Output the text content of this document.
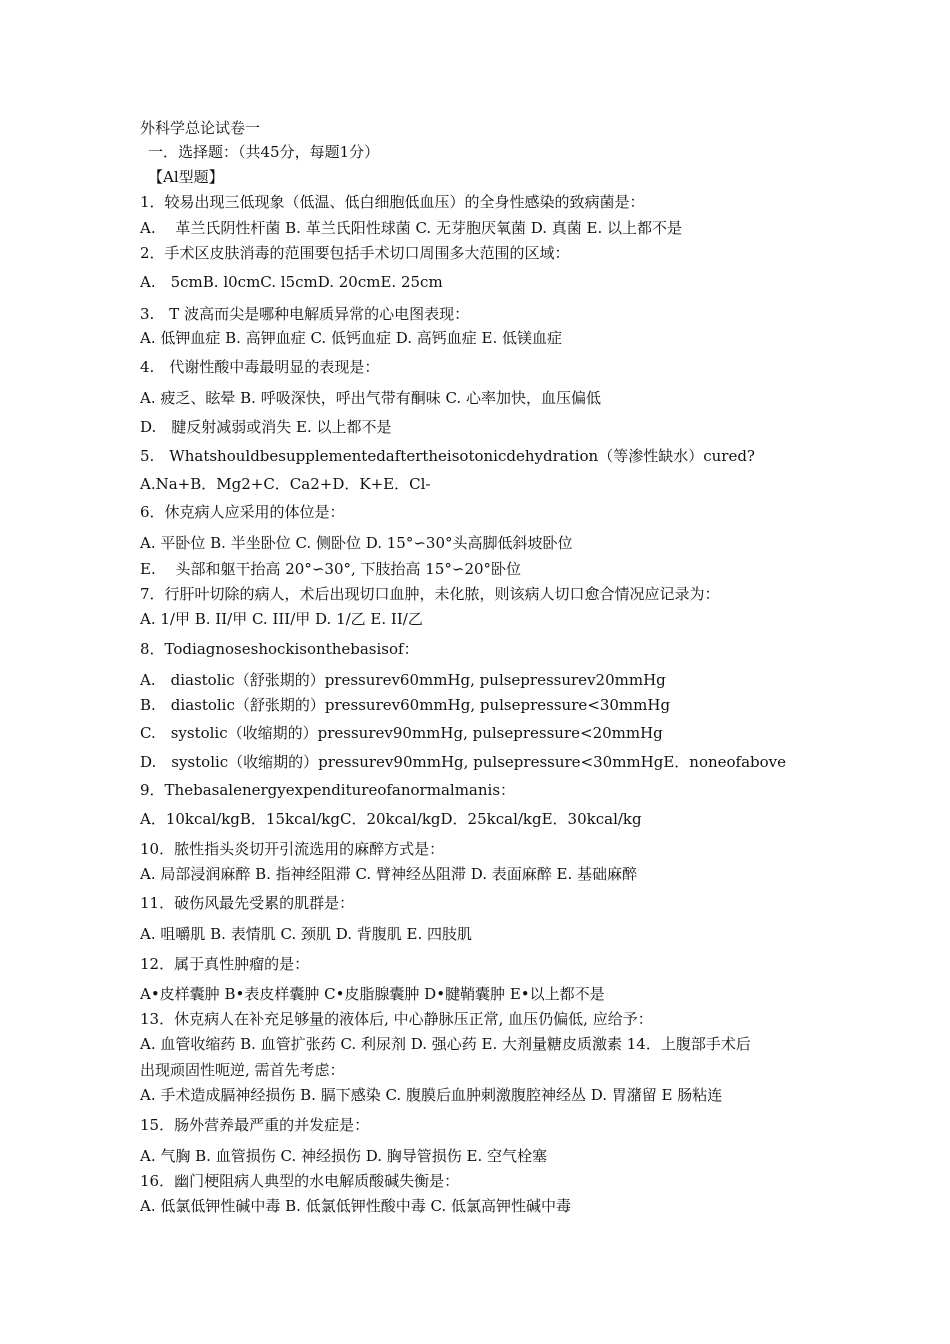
外科学总论试卷一
一．选择题：（共45分，每题1分）
【Al型题】
1．较易出现三低现象（低温、低白细胞低血压）的全身性感染的致病菌是：
A.　 革兰氏阴性杆菌 B. 革兰氏阳性球菌 C. 无芽胞厌氧菌 D. 真菌 E. 以上都不是
2．手术区皮肤消毒的范围要包括手术切口周围多大范围的区域：
A.　5cmB. l0cmC. l5cmD. 20cmE. 25cm
3.　T 波高而尖是哪种电解质异常的心电图表现：
A. 低钾血症 B. 高钾血症 C. 低钙血症 D. 高钙血症 E. 低镁血症
4.　代谢性酸中毒最明显的表现是：
A. 疲乏、眩晕 B. 呼吸深快，呼出气带有酮味 C. 心率加快，血压偏低
D.　腱反射减弱或消失 E. 以上都不是
5.　Whatshouldbesupplementedaftertheisotonicdehydration（等渗性缺水）cured?
A.Na+B．Mg2+C．Ca2+D．K+E．Cl-
6．休克病人应采用的体位是：
A. 平卧位 B. 半坐卧位 C. 侧卧位 D. 15°∽30°头高脚低斜坡卧位
E.　 头部和躯干抬高 20°∽30°, 下肢抬高 15°∽20°卧位
7．行肝叶切除的病人，术后出现切口血肿，未化脓，则该病人切口愈合情况应记录为：
A. 1/甲 B. II/甲 C. III/甲 D. 1/乙 E. II/乙
8．Todiagnoseshockisonthebasisof：
A.　diastolic（舒张期的）pressurev60mmHg, pulsepressurev20mmHg
B.　diastolic（舒张期的）pressurev60mmHg, pulsepressure<30mmHg
C.　systolic（收缩期的）pressurev90mmHg, pulsepressure<20mmHg
D.　systolic（收缩期的）pressurev90mmHg, pulsepressure<30mmHgE．noneofabove
9．Thebasalenergyexpenditureofanormalmanis：
A．10kcal/kgB．15kcal/kgC．20kcal/kgD．25kcal/kgE．30kcal/kg
10．脓性指头炎切开引流选用的麻醉方式是：
A. 局部浸润麻醉 B. 指神经阻滞 C. 臂神经丛阻滞 D. 表面麻醉 E. 基础麻醉
11．破伤风最先受累的肌群是：
A. 咀嚼肌 B. 表情肌 C. 颈肌 D. 背腹肌 E. 四肢肌
12．属于真性肿瘤的是：
A•皮样囊肿 B•表皮样囊肿 C•皮脂腺囊肿 D•腱鞘囊肿 E•以上都不是
13．休克病人在补充足够量的液体后, 中心静脉压正常, 血压仍偏低, 应给予：
A. 血管收缩药 B. 血管扩张药 C. 利尿剂 D. 强心药 E. 大剂量糖皮质激素 14．上腹部手术后
出现顽固性呃逆, 需首先考虑：
A. 手术造成膈神经损伤 B. 膈下感染 C. 腹膜后血肿刺激腹腔神经丛 D. 胃潴留 E 肠粘连
15．肠外营养最严重的并发症是：
A. 气胸 B. 血管损伤 C. 神经损伤 D. 胸导管损伤 E. 空气栓塞
16．幽门梗阻病人典型的水电解质酸碱失衡是：
A. 低氯低钾性碱中毒 B. 低氯低钾性酸中毒 C. 低氯高钾性碱中毒
